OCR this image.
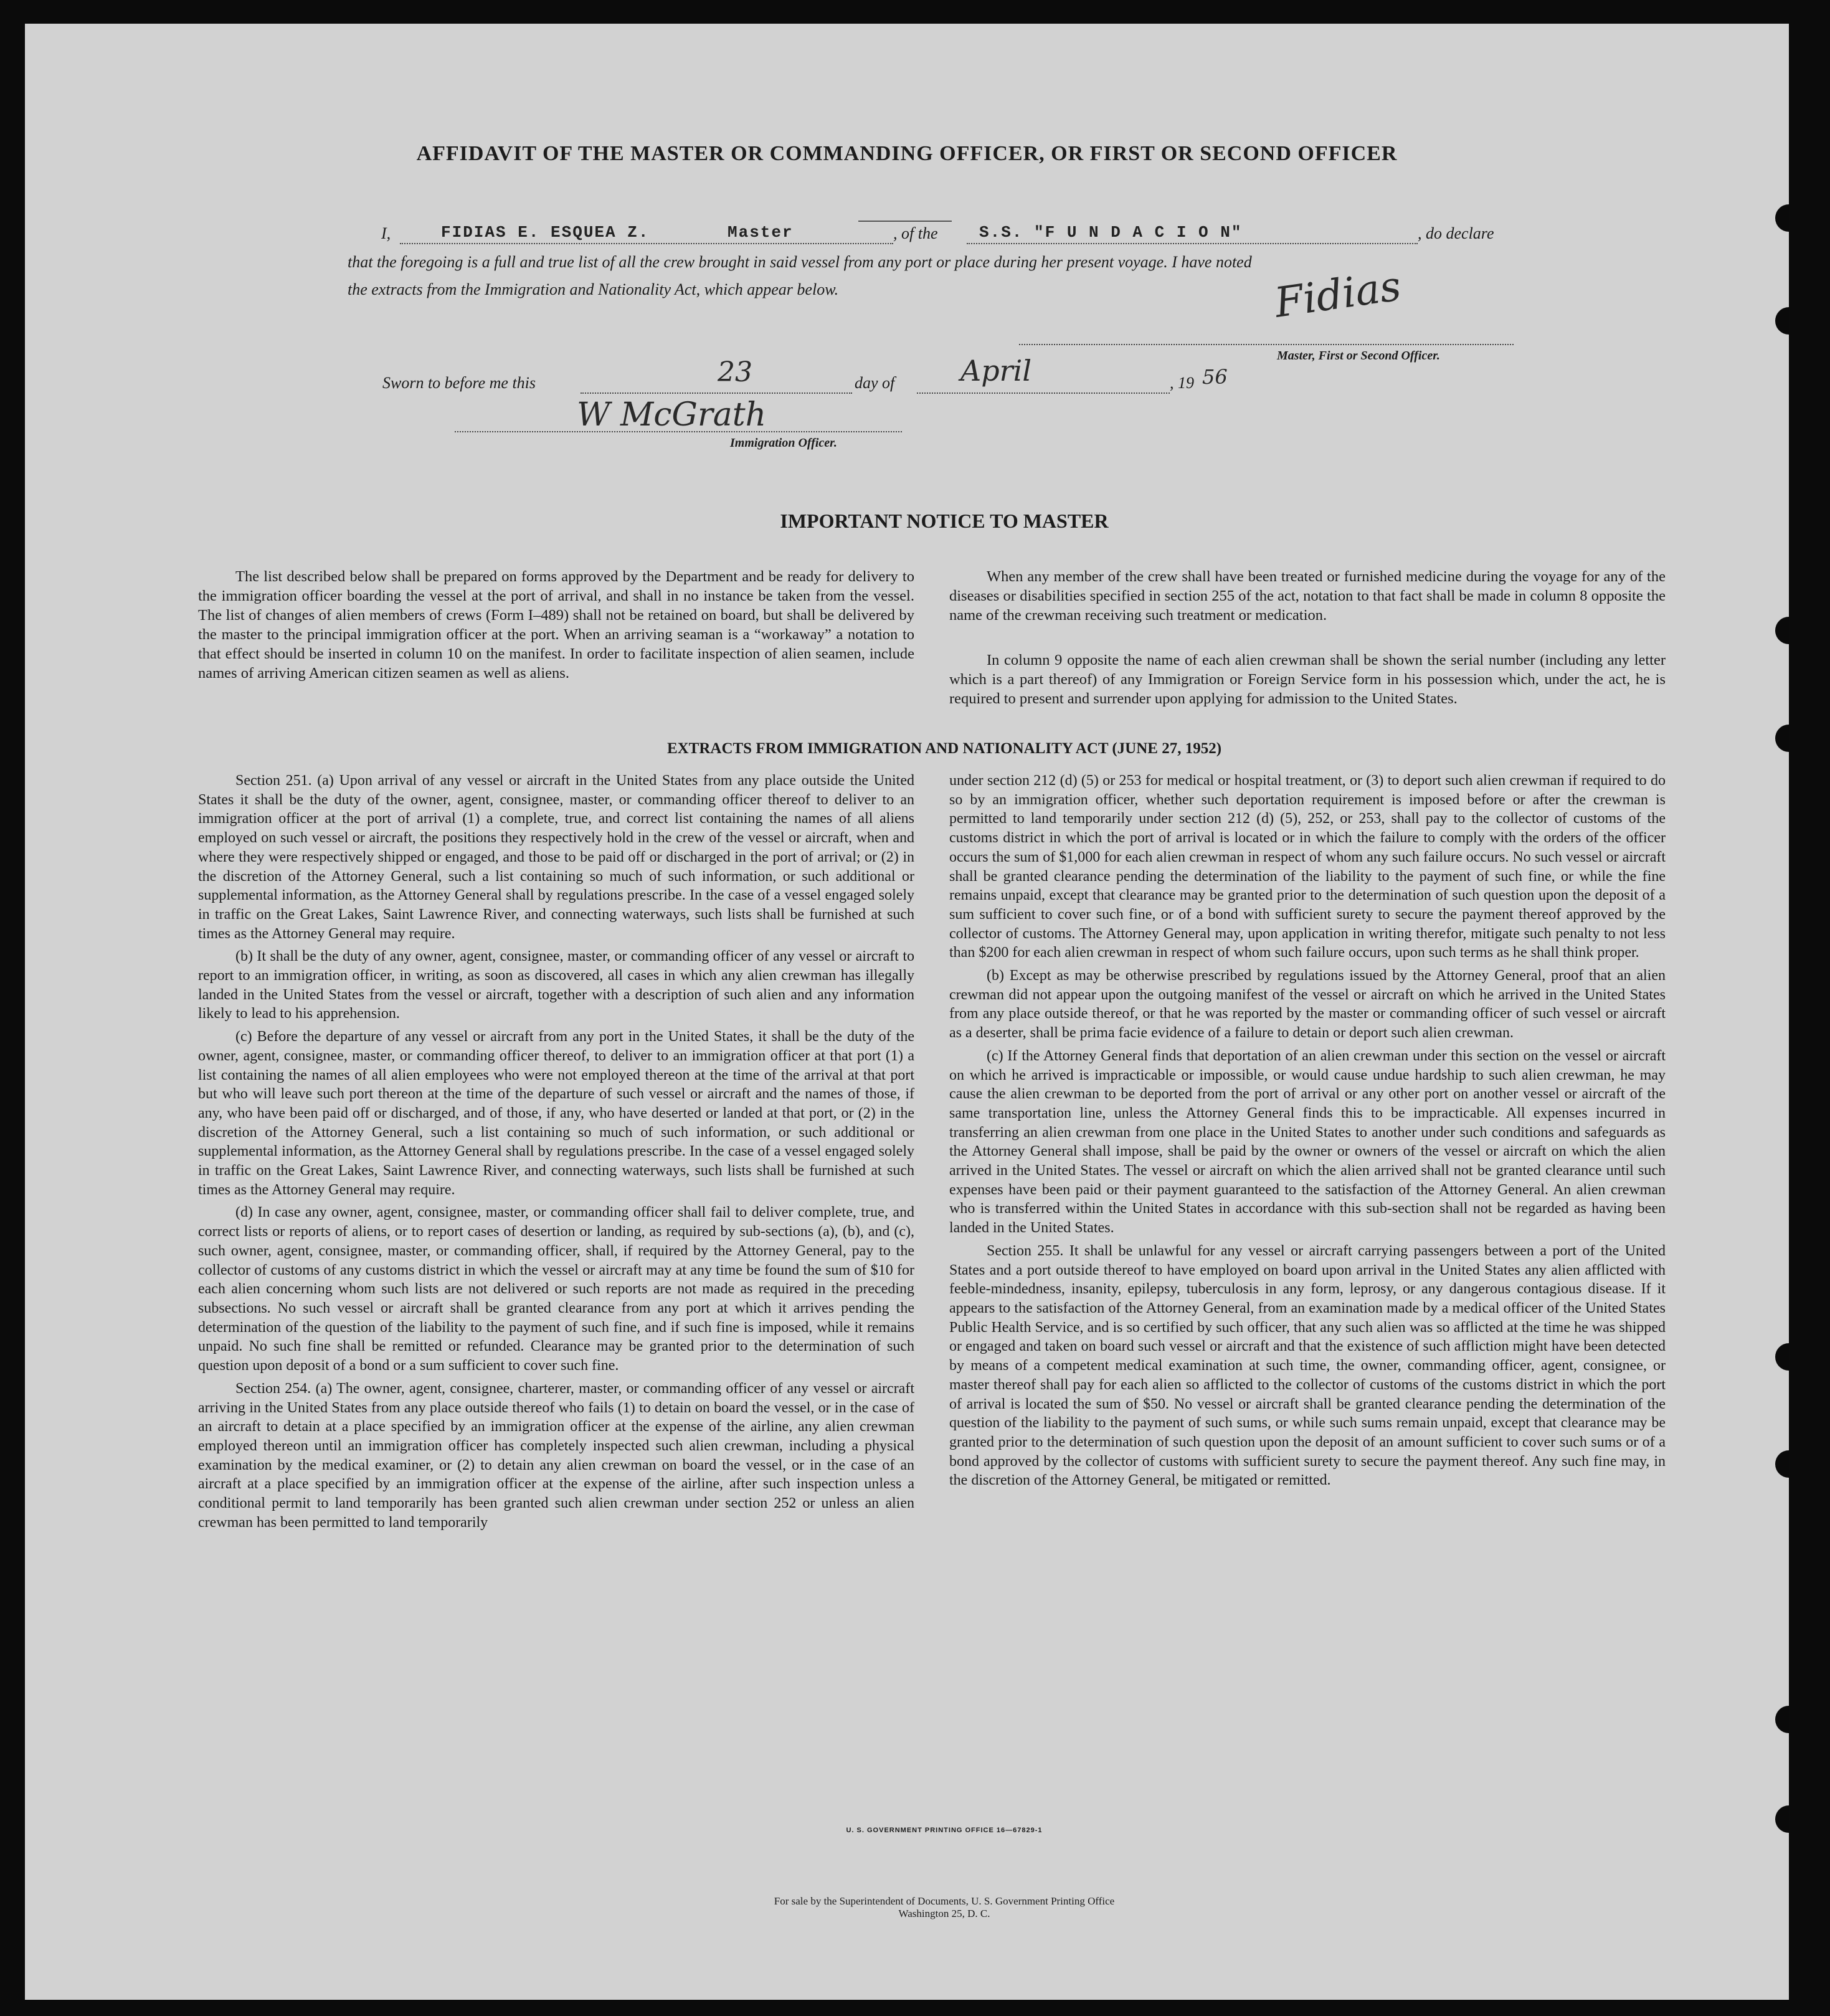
AFFIDAVIT OF THE MASTER OR COMMANDING OFFICER, OR FIRST OR SECOND OFFICER
I,	FIDIAS E. ESQUEA Z.	Master	, of the	S.S. "F U N D A C I O N"	, do declare
that the foregoing is a full and true list of all the crew brought in said vessel from any port or place during her present voyage. I have noted
the extracts from the Immigration and Nationality Act, which appear below.	Fidias
Master, First or Second Officer.
Sworn to before me this	23	day of April	, 19 56
W McGrath
Immigration Officer.
IMPORTANT NOTICE TO MASTER
The list described below shall be prepared on forms approved by the Department and be ready for delivery to the immigration officer boarding the vessel at the port of arrival, and shall in no instance be taken from the vessel. The list of changes of alien members of crews (Form I–489) shall not be retained on board, but shall be delivered by the master to the principal immigration officer at the port. When an arriving seaman is a “workaway” a notation to that effect should be inserted in column 10 on the manifest. In order to facilitate inspection of alien seamen, include names of arriving American citizen seamen as well as aliens.
When any member of the crew shall have been treated or furnished medicine during the voyage for any of the diseases or disabilities specified in section 255 of the act, notation to that fact shall be made in column 8 opposite the name of the crewman receiving such treatment or medication.
In column 9 opposite the name of each alien crewman shall be shown the serial number (including any letter which is a part thereof) of any Immigration or Foreign Service form in his possession which, under the act, he is required to present and surrender upon applying for admission to the United States.
EXTRACTS FROM IMMIGRATION AND NATIONALITY ACT (JUNE 27, 1952)

Section 251. (a) Upon arrival of any vessel or aircraft in the United States from any place outside the United States it shall be the duty of the owner, agent, consignee, master, or commanding officer thereof to deliver to an immigration officer at the port of arrival (1) a complete, true, and correct list containing the names of all aliens employed on such vessel or aircraft, the positions they respectively hold in the crew of the vessel or aircraft, when and where they were respectively shipped or engaged, and those to be paid off or discharged in the port of arrival; or (2) in the discretion of the Attorney General, such a list containing so much of such information, or such additional or supplemental information, as the Attorney General shall by regulations prescribe. In the case of a vessel engaged solely in traffic on the Great Lakes, Saint Lawrence River, and connecting waterways, such lists shall be furnished at such times as the Attorney General may require.

(b) It shall be the duty of any owner, agent, consignee, master, or commanding officer of any vessel or aircraft to report to an immigration officer, in writing, as soon as discovered, all cases in which any alien crewman has illegally landed in the United States from the vessel or aircraft, together with a description of such alien and any information likely to lead to his apprehension.

(c) Before the departure of any vessel or aircraft from any port in the United States, it shall be the duty of the owner, agent, consignee, master, or commanding officer thereof, to deliver to an immigration officer at that port (1) a list containing the names of all alien employees who were not employed thereon at the time of the arrival at that port but who will leave such port thereon at the time of the departure of such vessel or aircraft and the names of those, if any, who have been paid off or discharged, and of those, if any, who have deserted or landed at that port, or (2) in the discretion of the Attorney General, such a list containing so much of such information, or such additional or supplemental information, as the Attorney General shall by regulations prescribe. In the case of a vessel engaged solely in traffic on the Great Lakes, Saint Lawrence River, and connecting waterways, such lists shall be furnished at such times as the Attorney General may require.

(d) In case any owner, agent, consignee, master, or commanding officer shall fail to deliver complete, true, and correct lists or reports of aliens, or to report cases of desertion or landing, as required by sub-sections (a), (b), and (c), such owner, agent, consignee, master, or commanding officer, shall, if required by the Attorney General, pay to the collector of customs of any customs district in which the vessel or aircraft may at any time be found the sum of $10 for each alien concerning whom such lists are not delivered or such reports are not made as required in the preceding subsections. No such vessel or aircraft shall be granted clearance from any port at which it arrives pending the determination of the question of the liability to the payment of such fine, and if such fine is imposed, while it remains unpaid. No such fine shall be remitted or refunded. Clearance may be granted prior to the determination of such question upon deposit of a bond or a sum sufficient to cover such fine.

Section 254. (a) The owner, agent, consignee, charterer, master, or commanding officer of any vessel or aircraft arriving in the United States from any place outside thereof who fails (1) to detain on board the vessel, or in the case of an aircraft to detain at a place specified by an immigration officer at the expense of the airline, any alien crewman employed thereon until an immigration officer has completely inspected such alien crewman, including a physical examination by the medical examiner, or (2) to detain any alien crewman on board the vessel, or in the case of an aircraft at a place specified by an immigration officer at the expense of the airline, after such inspection unless a conditional permit to land temporarily has been granted such alien crewman under section 252 or unless an alien crewman has been permitted to land temporarily

under section 212 (d) (5) or 253 for medical or hospital treatment, or (3) to deport such alien crewman if required to do so by an immigration officer, whether such deportation requirement is imposed before or after the crewman is permitted to land temporarily under section 212 (d) (5), 252, or 253, shall pay to the collector of customs of the customs district in which the port of arrival is located or in which the failure to comply with the orders of the officer occurs the sum of $1,000 for each alien crewman in respect of whom any such failure occurs. No such vessel or aircraft shall be granted clearance pending the determination of the liability to the payment of such fine, or while the fine remains unpaid, except that clearance may be granted prior to the determination of such question upon the deposit of a sum sufficient to cover such fine, or of a bond with sufficient surety to secure the payment thereof approved by the collector of customs. The Attorney General may, upon application in writing therefor, mitigate such penalty to not less than $200 for each alien crewman in respect of whom such failure occurs, upon such terms as he shall think proper.

(b) Except as may be otherwise prescribed by regulations issued by the Attorney General, proof that an alien crewman did not appear upon the outgoing manifest of the vessel or aircraft on which he arrived in the United States from any place outside thereof, or that he was reported by the master or commanding officer of such vessel or aircraft as a deserter, shall be prima facie evidence of a failure to detain or deport such alien crewman.

(c) If the Attorney General finds that deportation of an alien crewman under this section on the vessel or aircraft on which he arrived is impracticable or impossible, or would cause undue hardship to such alien crewman, he may cause the alien crewman to be deported from the port of arrival or any other port on another vessel or aircraft of the same transportation line, unless the Attorney General finds this to be impracticable. All expenses incurred in transferring an alien crewman from one place in the United States to another under such conditions and safeguards as the Attorney General shall impose, shall be paid by the owner or owners of the vessel or aircraft on which the alien arrived in the United States. The vessel or aircraft on which the alien arrived shall not be granted clearance until such expenses have been paid or their payment guaranteed to the satisfaction of the Attorney General. An alien crewman who is transferred within the United States in accordance with this sub-section shall not be regarded as having been landed in the United States.

Section 255. It shall be unlawful for any vessel or aircraft carrying passengers between a port of the United States and a port outside thereof to have employed on board upon arrival in the United States any alien afflicted with feeble-mindedness, insanity, epilepsy, tuberculosis in any form, leprosy, or any dangerous contagious disease. If it appears to the satisfaction of the Attorney General, from an examination made by a medical officer of the United States Public Health Service, and is so certified by such officer, that any such alien was so afflicted at the time he was shipped or engaged and taken on board such vessel or aircraft and that the existence of such affliction might have been detected by means of a competent medical examination at such time, the owner, commanding officer, agent, consignee, or master thereof shall pay for each alien so afflicted to the collector of customs of the customs district in which the port of arrival is located the sum of $50. No vessel or aircraft shall be granted clearance pending the determination of the question of the liability to the payment of such sums, or while such sums remain unpaid, except that clearance may be granted prior to the determination of such question upon the deposit of an amount sufficient to cover such sums or of a bond approved by the collector of customs with sufficient surety to secure the payment thereof. Any such fine may, in the discretion of the Attorney General, be mitigated or remitted.

U. S. GOVERNMENT PRINTING OFFICE 16—67829-1
For sale by the Superintendent of Documents, U. S. Government Printing Office
Washington 25, D. C.
